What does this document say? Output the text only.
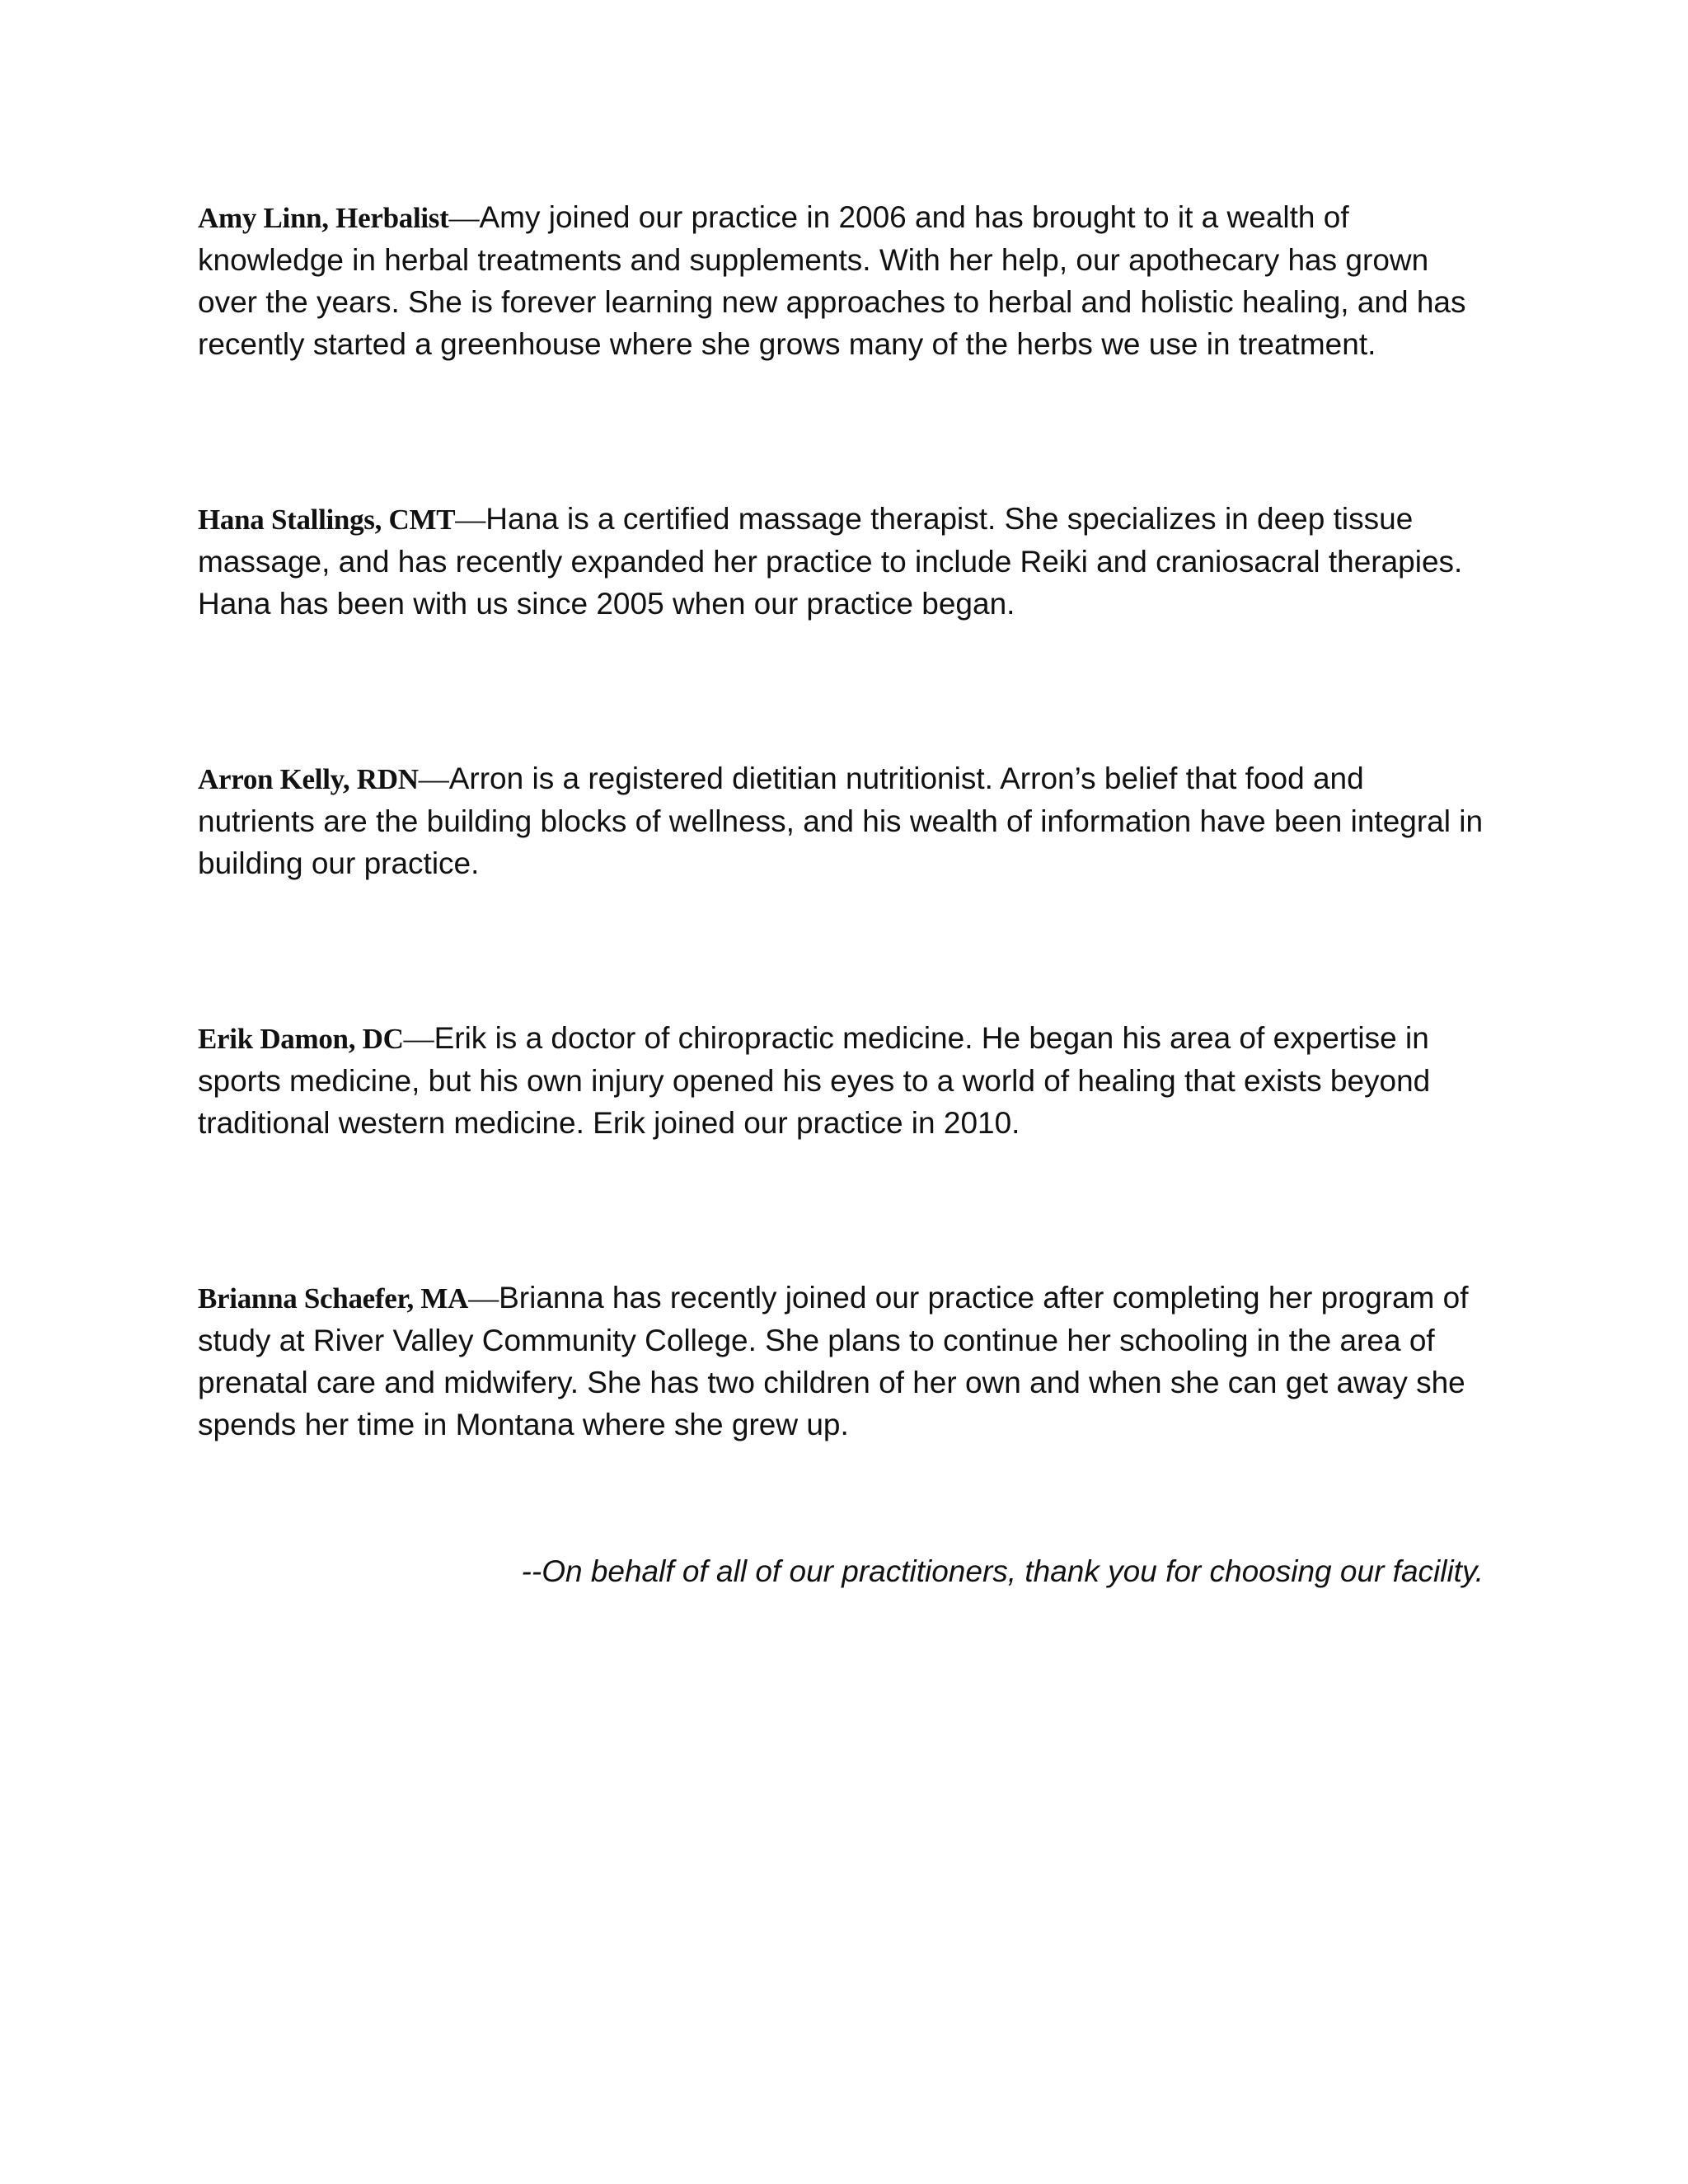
Amy Linn, Herbalist—Amy joined our practice in 2006 and has brought to it a wealth of knowledge in herbal treatments and supplements. With her help, our apothecary has grown over the years. She is forever learning new approaches to herbal and holistic healing, and has recently started a greenhouse where she grows many of the herbs we use in treatment.

Hana Stallings, CMT—Hana is a certified massage therapist. She specializes in deep tissue massage, and has recently expanded her practice to include Reiki and craniosacral therapies. Hana has been with us since 2005 when our practice began.

Arron Kelly, RDN—Arron is a registered dietitian nutritionist. Arron’s belief that food and nutrients are the building blocks of wellness, and his wealth of information have been integral in building our practice.

Erik Damon, DC—Erik is a doctor of chiropractic medicine. He began his area of expertise in sports medicine, but his own injury opened his eyes to a world of healing that exists beyond traditional western medicine. Erik joined our practice in 2010.

Brianna Schaefer, MA—Brianna has recently joined our practice after completing her program of study at River Valley Community College. She plans to continue her schooling in the area of prenatal care and midwifery. She has two children of her own and when she can get away she spends her time in Montana where she grew up.

--On behalf of all of our practitioners, thank you for choosing our facility.
